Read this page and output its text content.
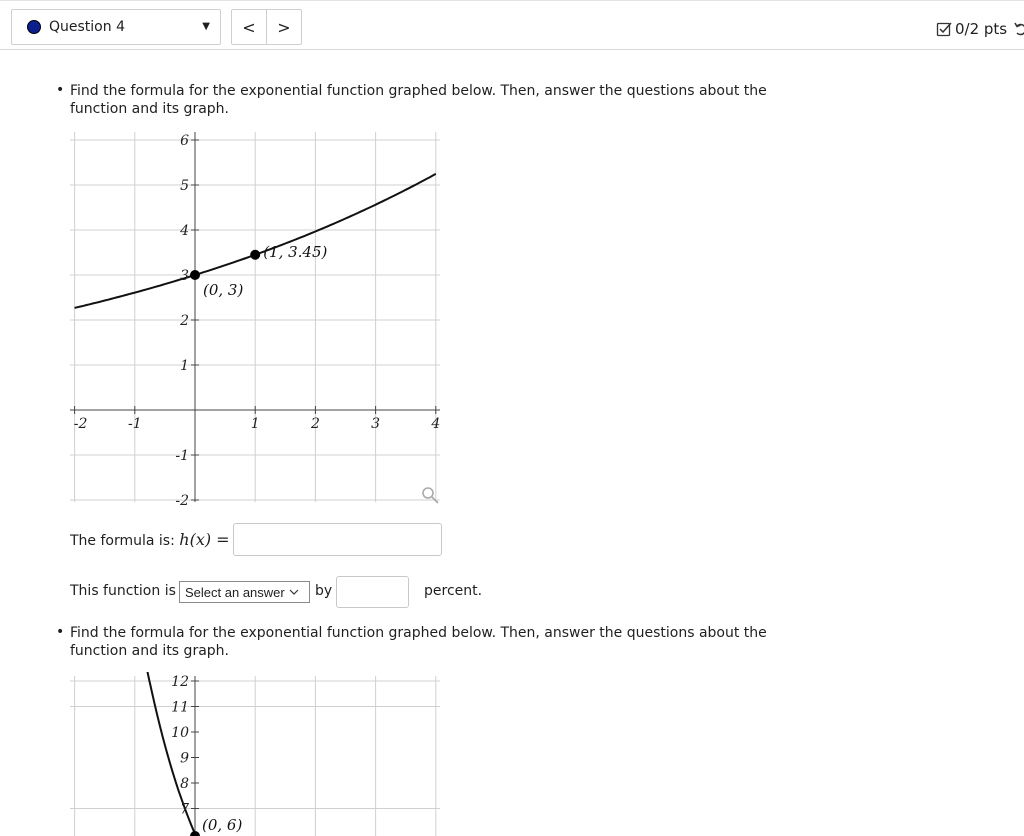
Question 4	▼	<	>	0/2 pts
• Find the formula for the exponential function graphed below. Then, answer the questions about the function and its graph.
-2	-1	1	2	3	4
6
5
4
3
2
1
-1
-2
(0, 3)
(1, 3.45)
The formula is: h(x) =
This function is Select an answer by	percent.
• Find the formula for the exponential function graphed below. Then, answer the questions about the function and its graph.
12
11
10
9
8
7
(0, 6)
